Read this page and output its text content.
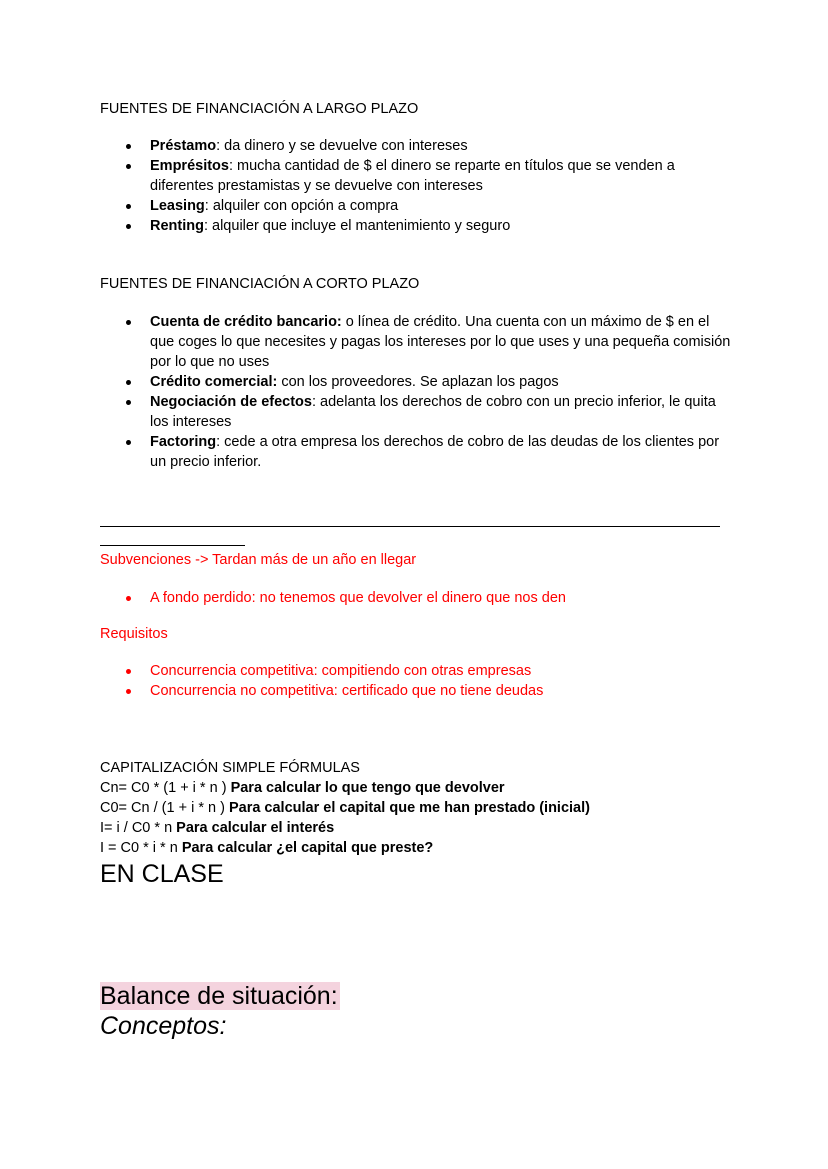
FUENTES DE FINANCIACIÓN A LARGO PLAZO
Préstamo: da dinero y se devuelve con intereses
Emprésitos: mucha cantidad de $ el dinero se reparte en títulos que se venden a diferentes prestamistas y se devuelve con intereses
Leasing: alquiler con opción a compra
Renting: alquiler que incluye el mantenimiento y seguro
FUENTES DE FINANCIACIÓN A CORTO PLAZO
Cuenta de crédito bancario: o línea de crédito. Una cuenta con un máximo de $ en el que coges lo que necesites y pagas los intereses por lo que uses y una pequeña comisión por lo que no uses
Crédito comercial: con los proveedores. Se aplazan los pagos
Negociación de efectos: adelanta los derechos de cobro con un precio inferior, le quita los intereses
Factoring: cede a otra empresa los derechos de cobro de las deudas de los clientes por un precio inferior.
Subvenciones -> Tardan más de un año en llegar
A fondo perdido: no tenemos que devolver el dinero que nos den
Requisitos
Concurrencia competitiva: compitiendo con otras empresas
Concurrencia no competitiva: certificado que no tiene deudas
CAPITALIZACIÓN SIMPLE FÓRMULAS
Cn= C0 * (1 + i * n ) Para calcular lo que tengo que devolver
C0= Cn / (1 + i * n ) Para calcular el capital que me han prestado (inicial)
I= i / C0 * n Para calcular el interés
I = C0 * i * n Para calcular ¿el capital que preste?
EN CLASE
Balance de situación:
Conceptos:
